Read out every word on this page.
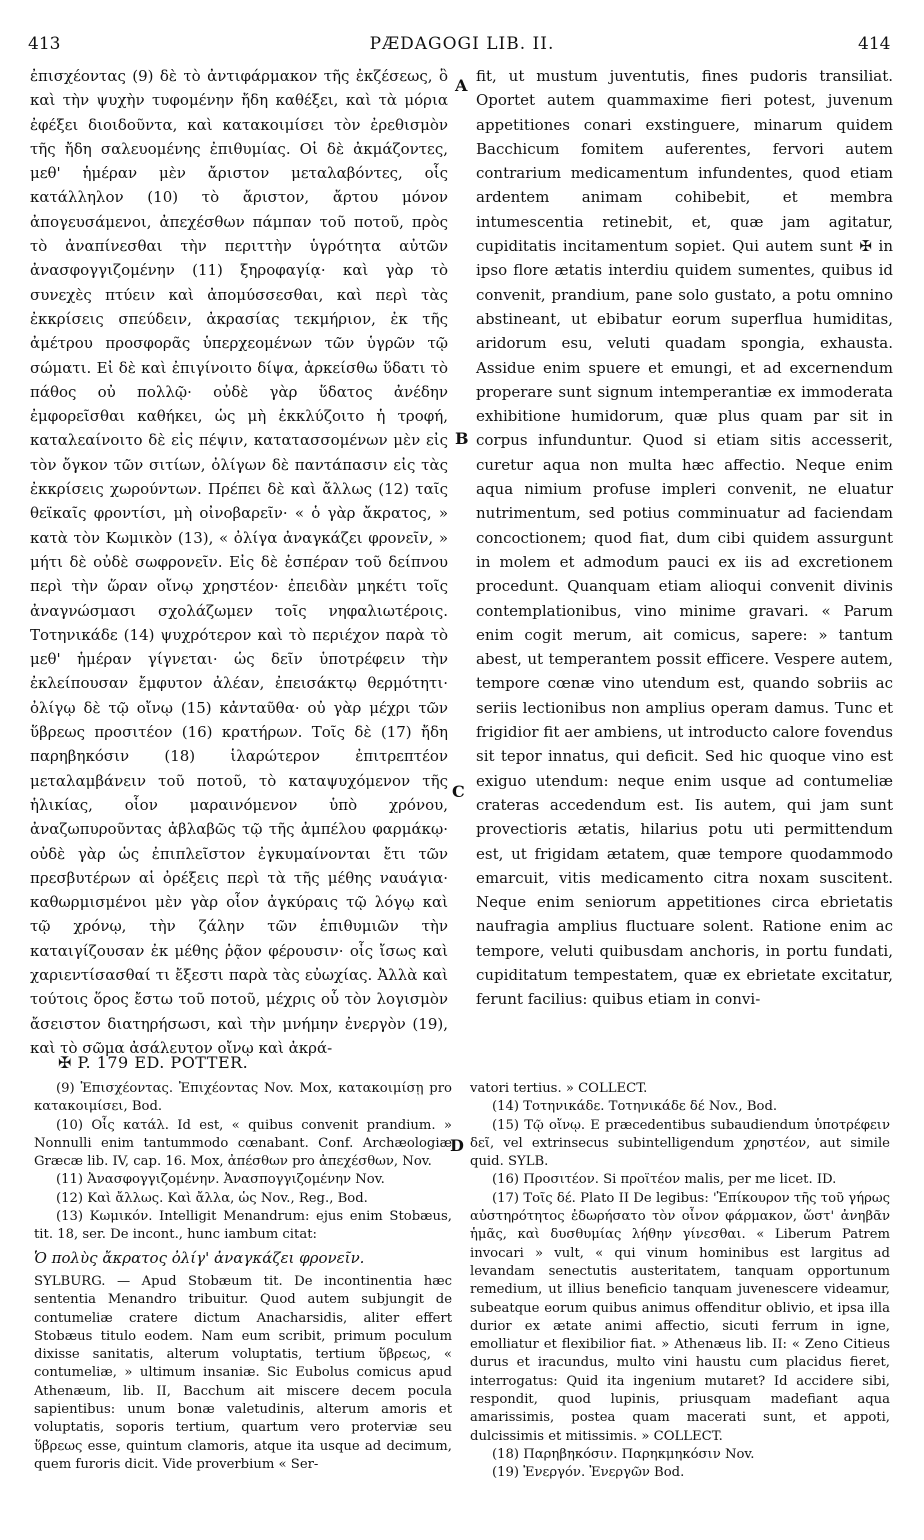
413	PÆDAGOGI LIB. II.	414

ἐπισχέοντας (9) δὲ τὸ ἀντιφάρμακον τῆς ἐκζέσεως, ὃ καὶ τὴν ψυχὴν τυφομένην ἤδη καθέξει, καὶ τὰ μόρια ἐφέξει διοιδοῦντα, καὶ κατακοιμίσει τὸν ἐρεθισμὸν τῆς ἤδη σαλευομένης ἐπιθυμίας. Οἱ δὲ ἀκμάζοντες, μεθ' ἡμέραν μὲν ἄριστον μεταλαβόντες, οἷς κατάλληλον (10) τὸ ἄριστον, ἄρτου μόνον ἀπογευσάμενοι, ἀπεχέσθων πάμπαν τοῦ ποτοῦ, πρὸς τὸ ἀναπίνεσθαι τὴν περιττὴν ὑγρότητα αὐτῶν ἀνασφογγιζομένην (11) ξηροφαγίᾳ· καὶ γὰρ τὸ συνεχὲς πτύειν καὶ ἀπομύσσεσθαι, καὶ περὶ τὰς ἐκκρίσεις σπεύδειν, ἀκρασίας τεκμήριον, ἐκ τῆς ἀμέτρου προσφορᾶς ὑπερχεομένων τῶν ὑγρῶν τῷ σώματι. Εἰ δὲ καὶ ἐπιγίνοιτο δίψα, ἀρκείσθω ὕδατι τὸ πάθος οὐ πολλῷ· οὐδὲ γὰρ ὕδατος ἀνέδην ἐμφορεῖσθαι καθήκει, ὡς μὴ ἐκκλύζοιτο ἡ τροφή, καταλεαίνοιτο δὲ εἰς πέψιν, κατατασσομένων μὲν εἰς τὸν ὄγκον τῶν σιτίων, ὀλίγων δὲ παντάπασιν εἰς τὰς ἐκκρίσεις χωρούντων. Πρέπει δὲ καὶ ἄλλως (12) ταῖς θεϊκαῖς φροντίσι, μὴ οἰνοβαρεῖν· « ὁ γὰρ ἄκρατος, » κατὰ τὸν Κωμικὸν (13), « ὀλίγα ἀναγκάζει φρονεῖν, » μήτι δὲ οὐδὲ σωφρονεῖν. Εἰς δὲ ἑσπέραν τοῦ δείπνου περὶ τὴν ὥραν οἴνῳ χρηστέον· ἐπειδὰν μηκέτι τοῖς ἀναγνώσμασι σχολάζωμεν τοῖς νηφαλιωτέροις. Τοτηνικάδε (14) ψυχρότερον καὶ τὸ περιέχον παρὰ τὸ μεθ' ἡμέραν γίγνεται· ὡς δεῖν ὑποτρέφειν τὴν ἐκλείπουσαν ἔμφυτον ἀλέαν, ἐπεισάκτῳ θερμότητι· ὀλίγῳ δὲ τῷ οἴνῳ (15) κἀνταῦθα· οὐ γὰρ μέχρι τῶν ὕβρεως προσιτέον (16) κρατήρων. Τοῖς δὲ (17) ἤδη παρηβηκόσιν (18) ἱλαρώτερον ἐπιτρεπτέον μεταλαμβάνειν τοῦ ποτοῦ, τὸ καταψυχόμενον τῆς ἡλικίας, οἷον μαραινόμενον ὑπὸ χρόνου, ἀναζωπυροῦντας ἀβλαβῶς τῷ τῆς ἀμπέλου φαρμάκῳ· οὐδὲ γὰρ ὡς ἐπιπλεῖστον ἐγκυμαίνονται ἔτι τῶν πρεσβυτέρων αἱ ὀρέξεις περὶ τὰ τῆς μέθης ναυάγια· καθωρμισμένοι μὲν γὰρ οἷον ἀγκύραις τῷ λόγῳ καὶ τῷ χρόνῳ, τὴν ζάλην τῶν ἐπιθυμιῶν τὴν καταιγίζουσαν ἐκ μέθης ῥᾷον φέρουσιν· οἷς ἴσως καὶ χαριεντίσασθαί τι ἔξεστι παρὰ τὰς εὐωχίας. Ἀλλὰ καὶ τούτοις ὅρος ἔστω τοῦ ποτοῦ, μέχρις οὗ τὸν λογισμὸν ἄσειστον διατηρήσωσι, καὶ τὴν μνήμην ἐνεργὸν (19), καὶ τὸ σῶμα ἀσάλευτον οἴνῳ καὶ ἀκρά-

A
B
C
D

fit, ut mustum juventutis, fines pudoris transiliat. Oportet autem quammaxime fieri potest, juvenum appetitiones conari exstinguere, minarum quidem Bacchicum fomitem auferentes, fervori autem contrarium medicamentum infundentes, quod etiam ardentem animam cohibebit, et membra intumescentia retinebit, et, quæ jam agitatur, cupiditatis incitamentum sopiet. Qui autem sunt ✠ in ipso flore ætatis interdiu quidem sumentes, quibus id convenit, prandium, pane solo gustato, a potu omnino abstineant, ut ebibatur eorum superflua humiditas, aridorum esu, veluti quadam spongia, exhausta. Assidue enim spuere et emungi, et ad excernendum properare sunt signum intemperantiæ ex immoderata exhibitione humidorum, quæ plus quam par sit in corpus infunduntur. Quod si etiam sitis accesserit, curetur aqua non multa hæc affectio. Neque enim aqua nimium profuse impleri convenit, ne eluatur nutrimentum, sed potius comminuatur ad faciendam concoctionem; quod fiat, dum cibi quidem assurgunt in molem et admodum pauci ex iis ad excretionem procedunt. Quanquam etiam alioqui convenit divinis contemplationibus, vino minime gravari. « Parum enim cogit merum, ait comicus, sapere: » tantum abest, ut temperantem possit efficere. Vespere autem, tempore cœnæ vino utendum est, quando sobriis ac seriis lectionibus non amplius operam damus. Tunc et frigidior fit aer ambiens, ut introducto calore fovendus sit tepor innatus, qui deficit. Sed hic quoque vino est exiguo utendum: neque enim usque ad contumeliæ crateras accedendum est. Iis autem, qui jam sunt provectioris ætatis, hilarius potu uti permittendum est, ut frigidam ætatem, quæ tempore quodammodo emarcuit, vitis medicamento citra noxam suscitent. Neque enim seniorum appetitiones circa ebrietatis naufragia amplius fluctuare solent. Ratione enim ac tempore, veluti quibusdam anchoris, in portu fundati, cupiditatum tempestatem, quæ ex ebrietate excitatur, ferunt facilius: quibus etiam in convi-

✠ P. 179 ED. POTTER.

(9) Ἐπισχέοντας. Ἐπιχέοντας Nov. Mox, κατακοιμίσῃ pro κατακοιμίσει, Bod.

(10) Οἷς κατάλ. Id est, « quibus convenit prandium. » Nonnulli enim tantummodo cœnabant. Conf. Archæologiæ Græcæ lib. IV, cap. 16. Mox, ἀπέσθων pro ἀπεχέσθων, Nov.

(11) Ἀνασφογγιζομένην. Ἀνασπογγιζομένην Nov.

(12) Καὶ ἄλλως. Καὶ ἄλλα, ὡς Nov., Reg., Bod.

(13) Κωμικόν. Intelligit Menandrum: ejus enim Stobæus, tit. 18, ser. De incont., hunc iambum citat:

Ὁ πολὺς ἄκρατος ὀλίγ' ἀναγκάζει φρονεῖν.

SYLBURG. — Apud Stobæum tit. De incontinentia hæc sententia Menandro tribuitur. Quod autem subjungit de contumeliæ cratere dictum Anacharsidis, aliter effert Stobæus titulo eodem. Nam eum scribit, primum poculum dixisse sanitatis, alterum voluptatis, tertium ὕβρεως, « contumeliæ, » ultimum insaniæ. Sic Eubolus comicus apud Athenæum, lib. II, Bacchum ait miscere decem pocula sapientibus: unum bonæ valetudinis, alterum amoris et voluptatis, soporis tertium, quartum vero proterviæ seu ὕβρεως esse, quintum clamoris, atque ita usque ad decimum, quem furoris dicit. Vide proverbium « Ser-

vatori tertius. » COLLECT.

(14) Τοτηνικάδε. Τοτηνικάδε δέ Nov., Bod.

(15) Τῷ οἴνῳ. E præcedentibus subaudiendum ὑποτρέφειν δεῖ, vel extrinsecus subintelligendum χρηστέον, aut simile quid. SYLB.

(16) Προσιτέον. Si προϊτέον malis, per me licet. ID.

(17) Τοῖς δέ. Plato II De legibus: 'Ἐπίκουρον τῆς τοῦ γήρως αὐστηρότητος ἐδωρήσατο τὸν οἶνον φάρμακον, ὥστ' ἀνηβᾶν ἡμᾶς, καὶ δυσθυμίας λήθην γίνεσθαι. « Liberum Patrem invocari » vult, « qui vinum hominibus est largitus ad levandam senectutis austeritatem, tanquam opportunum remedium, ut illius beneficio tanquam juvenescere videamur, subeatque eorum quibus animus offenditur oblivio, et ipsa illa durior ex ætate animi affectio, sicuti ferrum in igne, emolliatur et flexibilior fiat. » Athenæus lib. II: « Zeno Citieus durus et iracundus, multo vini haustu cum placidus fieret, interrogatus: Quid ita ingenium mutaret? Id accidere sibi, respondit, quod lupinis, priusquam madefiant aqua amarissimis, postea quam macerati sunt, et appoti, dulcissimis et mitissimis. » COLLECT.

(18) Παρηβηκόσιν. Παρηκμηκόσιν Nov.

(19) Ἐνεργόν. Ἐνεργῶν Bod.
